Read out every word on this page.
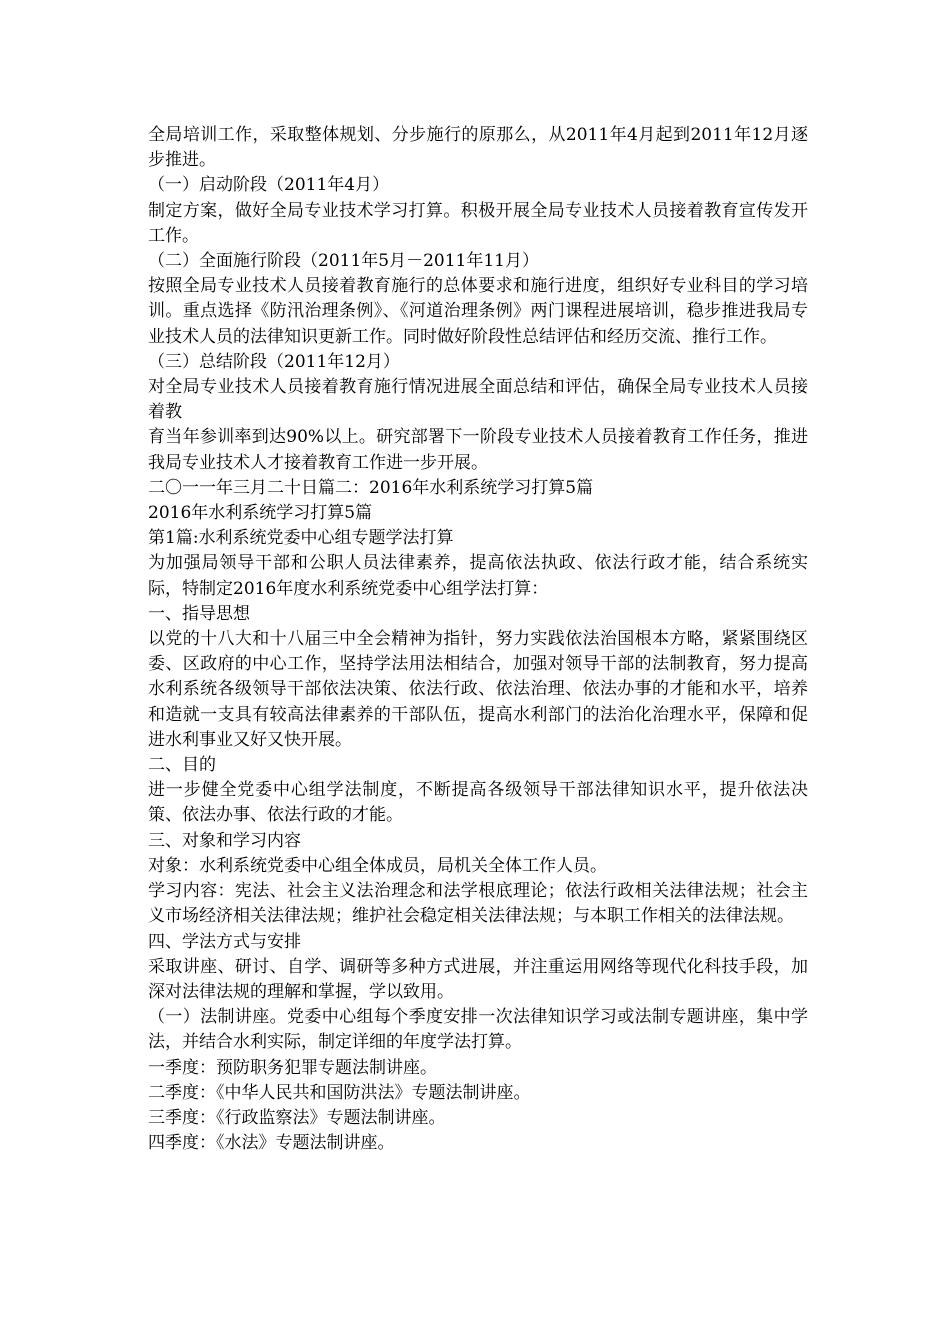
全局培训工作，采取整体规划、分步施行的原那么，从2011年4月起到2011年12月逐步推进。

（一）启动阶段（2011年4月）

制定方案，做好全局专业技术学习打算。积极开展全局专业技术人员接着教育宣传发开工作。

（二）全面施行阶段（2011年5月－2011年11月）

按照全局专业技术人员接着教育施行的总体要求和施行进度，组织好专业科目的学习培训。重点选择《防汛治理条例》、《河道治理条例》两门课程进展培训，稳步推进我局专业技术人员的法律知识更新工作。同时做好阶段性总结评估和经历交流、推行工作。

（三）总结阶段（2011年12月）

对全局专业技术人员接着教育施行情况进展全面总结和评估，确保全局专业技术人员接着教

育当年参训率到达90%以上。研究部署下一阶段专业技术人员接着教育工作任务，推进我局专业技术人才接着教育工作进一步开展。

二〇一一年三月二十日篇二：2016年水利系统学习打算5篇

2016年水利系统学习打算5篇

第1篇:水利系统党委中心组专题学法打算

为加强局领导干部和公职人员法律素养，提高依法执政、依法行政才能，结合系统实际，特制定2016年度水利系统党委中心组学法打算：

一、指导思想

以党的十八大和十八届三中全会精神为指针，努力实践依法治国根本方略，紧紧围绕区委、区政府的中心工作，坚持学法用法相结合，加强对领导干部的法制教育，努力提高水利系统各级领导干部依法决策、依法行政、依法治理、依法办事的才能和水平，培养和造就一支具有较高法律素养的干部队伍，提高水利部门的法治化治理水平，保障和促进水利事业又好又快开展。

二、目的

进一步健全党委中心组学法制度，不断提高各级领导干部法律知识水平，提升依法决策、依法办事、依法行政的才能。

三、对象和学习内容

对象：水利系统党委中心组全体成员，局机关全体工作人员。

学习内容：宪法、社会主义法治理念和法学根底理论；依法行政相关法律法规；社会主义市场经济相关法律法规；维护社会稳定相关法律法规；与本职工作相关的法律法规。

四、学法方式与安排

采取讲座、研讨、自学、调研等多种方式进展，并注重运用网络等现代化科技手段，加深对法律法规的理解和掌握，学以致用。

（一）法制讲座。党委中心组每个季度安排一次法律知识学习或法制专题讲座，集中学法，并结合水利实际，制定详细的年度学法打算。

一季度：预防职务犯罪专题法制讲座。

二季度：《中华人民共和国防洪法》专题法制讲座。

三季度：《行政监察法》专题法制讲座。

四季度：《水法》专题法制讲座。
